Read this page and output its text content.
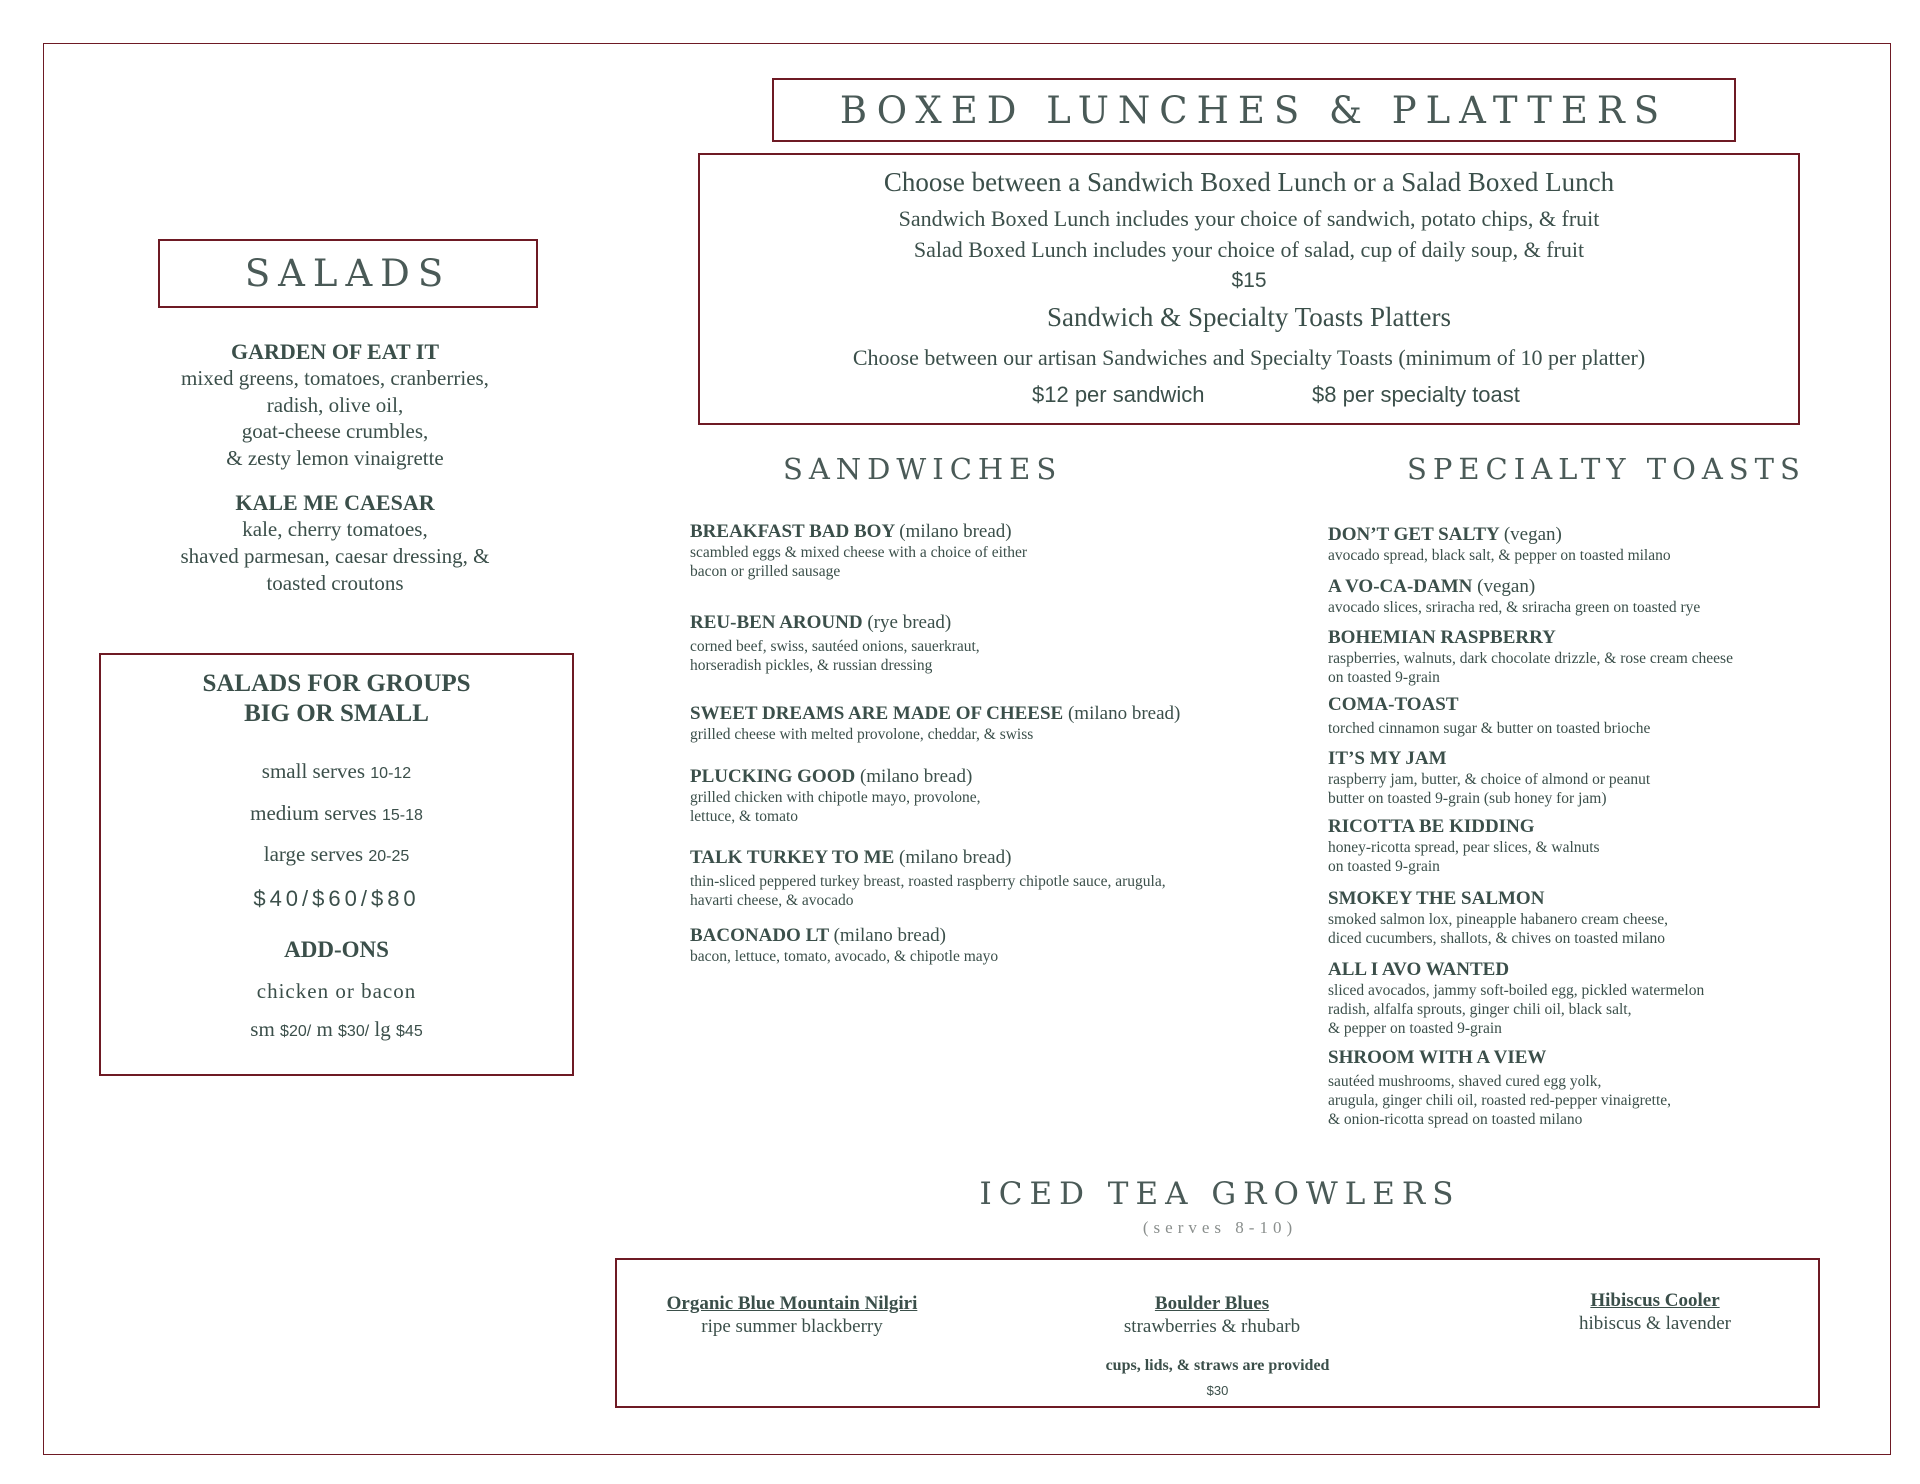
BOXED LUNCHES & PLATTERS
Choose between a Sandwich Boxed Lunch or a Salad Boxed Lunch
Sandwich Boxed Lunch includes your choice of sandwich, potato chips, & fruit
Salad Boxed Lunch includes your choice of salad, cup of daily soup, & fruit
$15
Sandwich & Specialty Toasts Platters
Choose between our artisan Sandwiches and Specialty Toasts (minimum of 10 per platter)
$12 per sandwich	$8 per specialty toast
SALADS
GARDEN OF EAT IT
mixed greens, tomatoes, cranberries,
radish, olive oil,
goat-cheese crumbles,
& zesty lemon vinaigrette
KALE ME CAESAR
kale, cherry tomatoes,
shaved parmesan, caesar dressing, &
toasted croutons
SALADS FOR GROUPS
BIG OR SMALL
small serves 10-12
medium serves 15-18
large serves 20-25
$40/$60/$80
ADD-ONS
chicken or bacon
sm $20/ m $30/ lg $45
SANDWICHES
BREAKFAST BAD BOY (milano bread)
scambled eggs & mixed cheese with a choice of either
bacon or grilled sausage
REU-BEN AROUND (rye bread)
corned beef, swiss, sautéed onions, sauerkraut,
horseradish pickles, & russian dressing
SWEET DREAMS ARE MADE OF CHEESE (milano bread)
grilled cheese with melted provolone, cheddar, & swiss
PLUCKING GOOD (milano bread)
grilled chicken with chipotle mayo, provolone,
lettuce, & tomato
TALK TURKEY TO ME (milano bread)
thin-sliced peppered turkey breast, roasted raspberry chipotle sauce, arugula,
havarti cheese, & avocado
BACONADO LT (milano bread)
bacon, lettuce, tomato, avocado, & chipotle mayo
SPECIALTY TOASTS
DON’T GET SALTY (vegan)
avocado spread, black salt, & pepper on toasted milano
A VO-CA-DAMN (vegan)
avocado slices, sriracha red, & sriracha green on toasted rye
BOHEMIAN RASPBERRY
raspberries, walnuts, dark chocolate drizzle, & rose cream cheese
on toasted 9-grain
COMA-TOAST
torched cinnamon sugar & butter on toasted brioche
IT’S MY JAM
raspberry jam, butter, & choice of almond or peanut
butter on toasted 9-grain (sub honey for jam)
RICOTTA BE KIDDING
honey-ricotta spread, pear slices, & walnuts
on toasted 9-grain
SMOKEY THE SALMON
smoked salmon lox, pineapple habanero cream cheese,
diced cucumbers, shallots, & chives on toasted milano
ALL I AVO WANTED
sliced avocados, jammy soft-boiled egg, pickled watermelon
radish, alfalfa sprouts, ginger chili oil, black salt,
& pepper on toasted 9-grain
SHROOM WITH A VIEW
sautéed mushrooms, shaved cured egg yolk,
arugula, ginger chili oil, roasted red-pepper vinaigrette,
& onion-ricotta spread on toasted milano
ICED TEA GROWLERS
(serves 8-10)
Organic Blue Mountain Nilgiri
ripe summer blackberry
Boulder Blues
strawberries & rhubarb
Hibiscus Cooler
hibiscus & lavender
cups, lids, & straws are provided
$30
